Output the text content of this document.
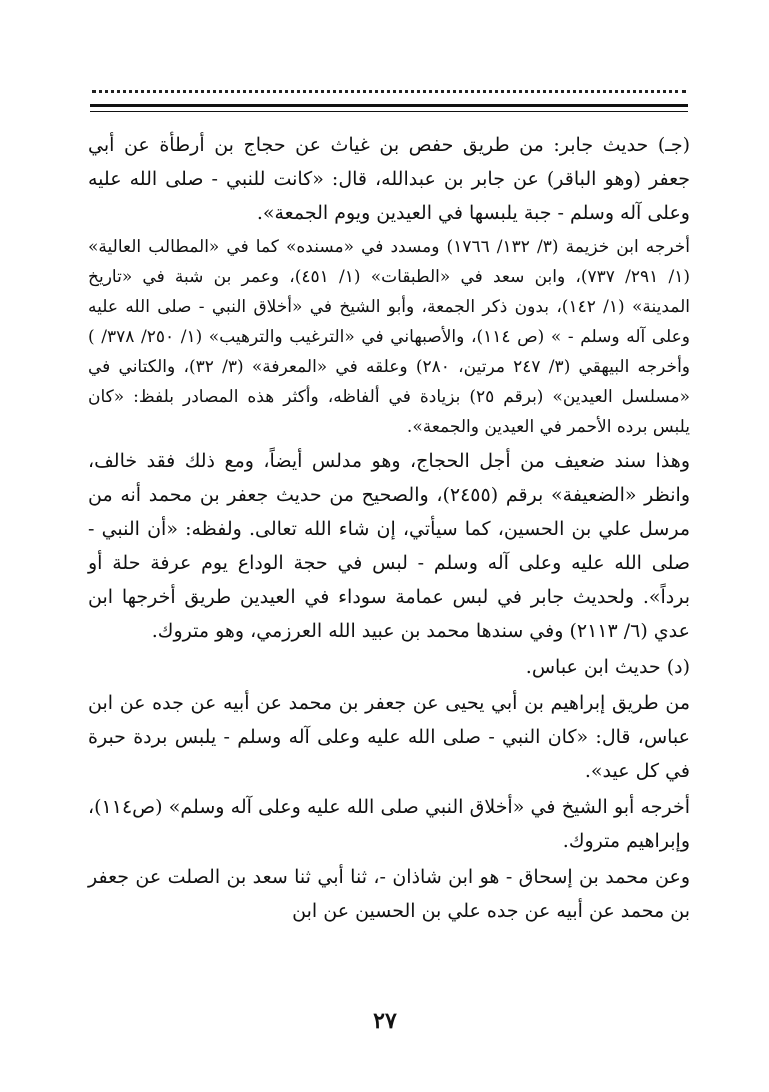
(جـ) حديث جابر: من طريق حفص بن غياث عن حجاج بن أرطأة عن أبي جعفر (وهو الباقر) عن جابر بن عبدالله، قال: «كانت للنبي - صلى الله عليه وعلى آله وسلم - جبة يلبسها في العيدين ويوم الجمعة».

أخرجه ابن خزيمة (٣/ ١٣٢/ ١٧٦٦) ومسدد في «مسنده» كما في «المطالب العالية» (١/ ٢٩١/ ٧٣٧)، وابن سعد في «الطبقات» (١/ ٤٥١)، وعمر بن شبة في «تاريخ المدينة» (١/ ١٤٢)، بدون ذكر الجمعة، وأبو الشيخ في «أخلاق النبي - صلى الله عليه وعلى آله وسلم - » (ص ١١٤)، والأصبهاني في «الترغيب والترهيب» (١/ ٢٥٠/ ٣٧٨/ ) وأخرجه البيهقي (٣/ ٢٤٧ مرتين، ٢٨٠) وعلقه في «المعرفة» (٣/ ٣٢)، والكتاني في «مسلسل العيدين» (برقم ٢٥) بزيادة في ألفاظه، وأكثر هذه المصادر بلفظ: «كان يلبس برده الأحمر في العيدين والجمعة».

وهذا سند ضعيف من أجل الحجاج، وهو مدلس أيضاً، ومع ذلك فقد خالف، وانظر «الضعيفة» برقم (٢٤٥٥)، والصحيح من حديث جعفر بن محمد أنه من مرسل علي بن الحسين، كما سيأتي، إن شاء الله تعالى. ولفظه: «أن النبي - صلى الله عليه وعلى آله وسلم - لبس في حجة الوداع يوم عرفة حلة أو برداً». ولحديث جابر في لبس عمامة سوداء في العيدين طريق أخرجها ابن عدي (٦/ ٢١١٣) وفي سندها محمد بن عبيد الله العرزمي، وهو متروك.

(د) حديث ابن عباس.

من طريق إبراهيم بن أبي يحيى عن جعفر بن محمد عن أبيه عن جده عن ابن عباس، قال: «كان النبي - صلى الله عليه وعلى آله وسلم - يلبس بردة حبرة في كل عيد».

أخرجه أبو الشيخ في «أخلاق النبي صلى الله عليه وعلى آله وسلم» (ص١١٤)، وإبراهيم متروك.

وعن محمد بن إسحاق - هو ابن شاذان -، ثنا أبي ثنا سعد بن الصلت عن جعفر بن محمد عن أبيه عن جده علي بن الحسين عن ابن

٢٧
